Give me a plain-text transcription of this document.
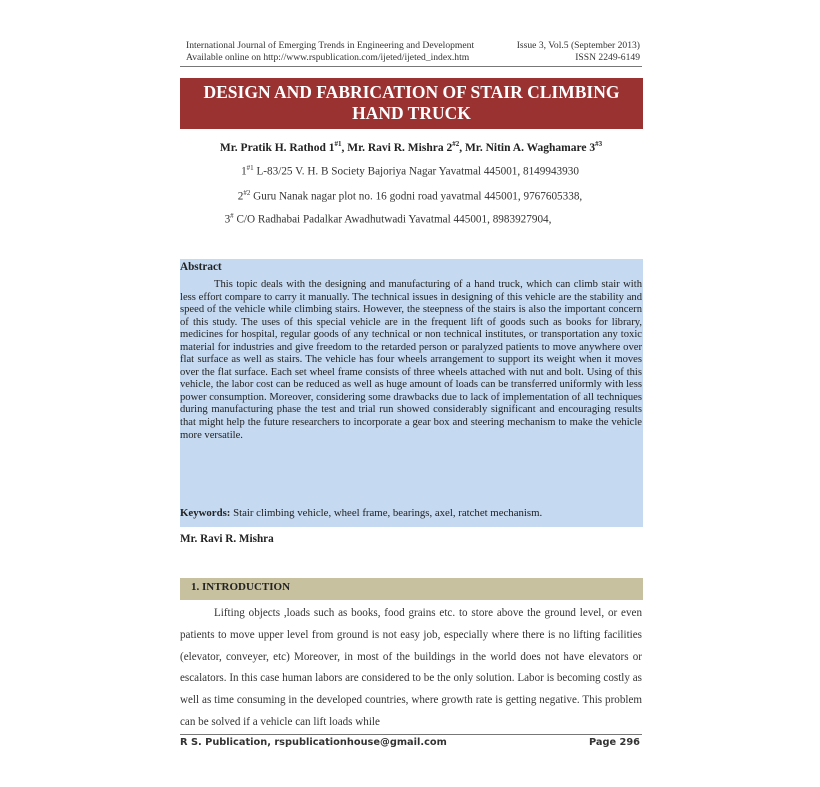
International Journal of Emerging Trends in Engineering and Development
Available online on http://www.rspublication.com/ijeted/ijeted_index.htm
Issue 3, Vol.5 (September 2013)
ISSN 2249-6149
DESIGN AND FABRICATION OF STAIR CLIMBING
HAND TRUCK
Mr. Pratik H. Rathod 1$^{\#1}$, Mr. Ravi R. Mishra 2$^{\#2}$, Mr. Nitin A. Waghamare 3$^{\#3}$
1$^{\#1}$ L-83/25 V. H. B Society Bajoriya Nagar Yavatmal 445001, 8149943930
2$^{\#2}$ Guru Nanak nagar plot no. 16 godni road yavatmal 445001, 9767605338,
3# C/O Radhabai Padalkar Awadhutwadi Yavatmal 445001, 8983927904,
Abstract
This topic deals with the designing and manufacturing of a hand truck, which can climb stair with less effort compare to carry it manually. The technical issues in designing of this vehicle are the stability and speed of the vehicle while climbing stairs. However, the steepness of the stairs is also the important concern of this study. The uses of this special vehicle are in the frequent lift of goods such as books for library, medicines for hospital, regular goods of any technical or non technical institutes, or transportation any toxic material for industries and give freedom to the retarded person or paralyzed patients to move anywhere over flat surface as well as stairs. The vehicle has four wheels arrangement to support its weight when it moves over the flat surface. Each set wheel frame consists of three wheels attached with nut and bolt. Using of this vehicle, the labor cost can be reduced as well as huge amount of loads can be transferred uniformly with less power consumption. Moreover, considering some drawbacks due to lack of implementation of all techniques during manufacturing phase the test and trial run showed considerably significant and encouraging results that might help the future researchers to incorporate a gear box and steering mechanism to make the vehicle more versatile.
Keywords: Stair climbing vehicle, wheel frame, bearings, axel, ratchet mechanism.
Mr. Ravi R. Mishra
1. INTRODUCTION
Lifting objects ,loads such as books, food grains etc. to store above the ground level, or even patients to move upper level from ground is not easy job, especially where there is no lifting facilities (elevator, conveyer, etc) Moreover, in most of the buildings in the world does not have elevators or escalators. In this case human labors are considered to be the only solution. Labor is becoming costly as well as time consuming in the developed countries, where growth rate is getting negative. This problem can be solved if a vehicle can lift loads while
R S. Publication, rspublicationhouse@gmail.com	Page 296
